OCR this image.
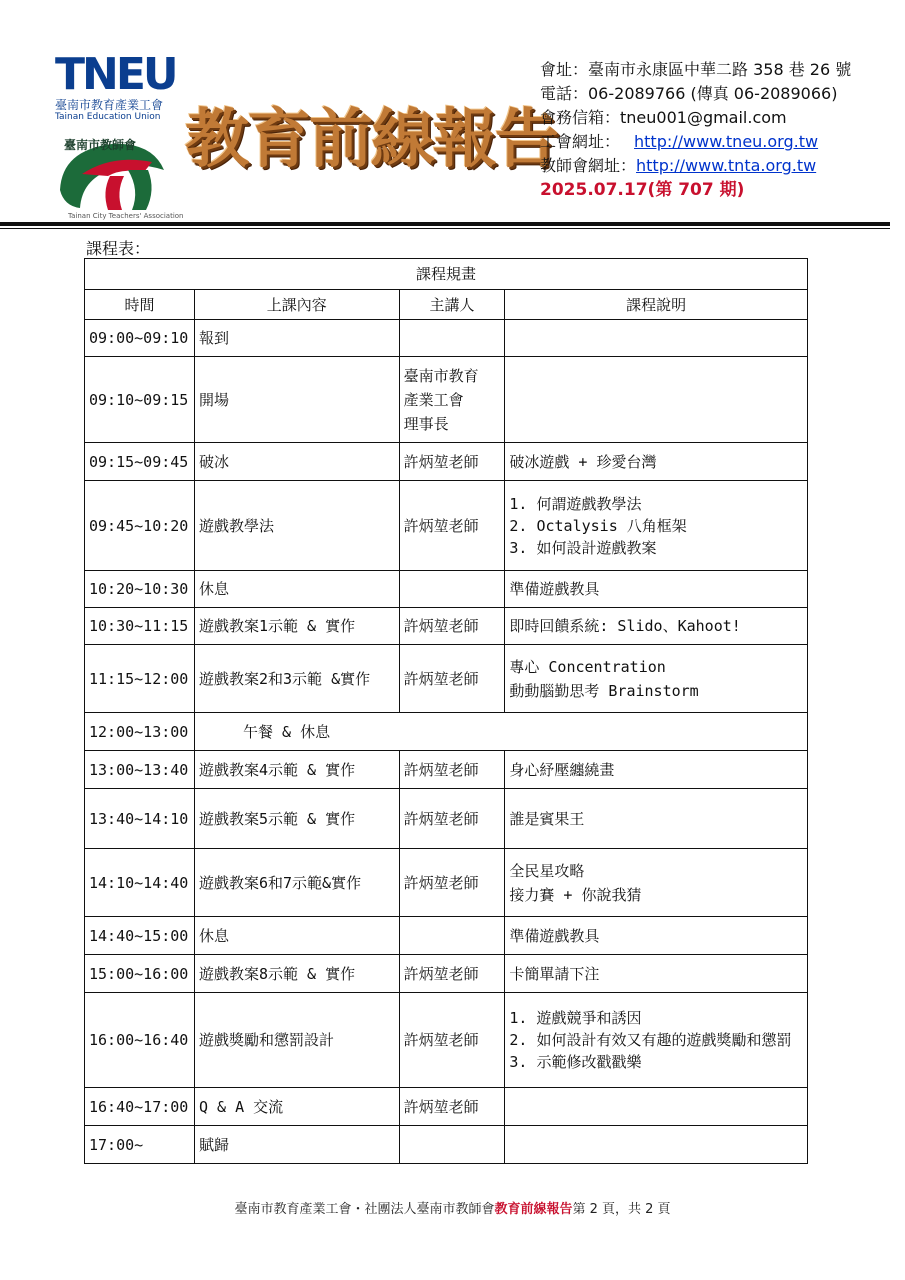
TNEU
臺南市教育產業工會
Tainan Education Union
臺南市教師會
Tainan City Teachers' Association
教育前線報告
會址：臺南市永康區中華二路 358 巷 26 號
電話：06-2089766 (傳真 06-2089066)
會務信箱：tneu001@gmail.com
工會網址： http://www.tneu.org.tw
教師會網址：http://www.tnta.org.tw
2025.07.17(第 707 期)
課程表：
課程規畫			
時間	上課內容	主講人	課程說明
09:00~09:10	報到		
09:10~09:15	開場	臺南市教育
產業工會
理事長	

09:15~09:45	破冰	許炳堃老師	破冰遊戲 + 珍愛台灣

09:45~10:20	遊戲教學法	許炳堃老師	1. 何謂遊戲教學法
2. Octalysis 八角框架
3. 如何設計遊戲教案

10:20~10:30	休息		準備遊戲教具

10:30~11:15	遊戲教案1示範 & 實作	許炳堃老師	即時回饋系統: Slido、Kahoot!

11:15~12:00	遊戲教案2和3示範 &實作	許炳堃老師	專心 Concentration
動動腦勤思考 Brainstorm

12:00~13:00	午餐 & 休息		
13:00~13:40	遊戲教案4示範 & 實作	許炳堃老師	身心紓壓纏繞畫

13:40~14:10	遊戲教案5示範 & 實作	許炳堃老師	誰是賓果王

14:10~14:40	遊戲教案6和7示範&實作	許炳堃老師	全民星攻略
接力賽 + 你說我猜

14:40~15:00	休息		準備遊戲教具

15:00~16:00	遊戲教案8示範 & 實作	許炳堃老師	卡簡單請下注

16:00~16:40	遊戲獎勵和懲罰設計	許炳堃老師	1. 遊戲競爭和誘因
2. 如何設計有效又有趣的遊戲獎勵和懲罰
3. 示範修改戳戳樂

16:40~17:00	Q & A 交流	許炳堃老師	

17:00~	賦歸		
臺南市教育產業工會・社團法人臺南市教師會教育前線報告第 2 頁，共 2 頁
